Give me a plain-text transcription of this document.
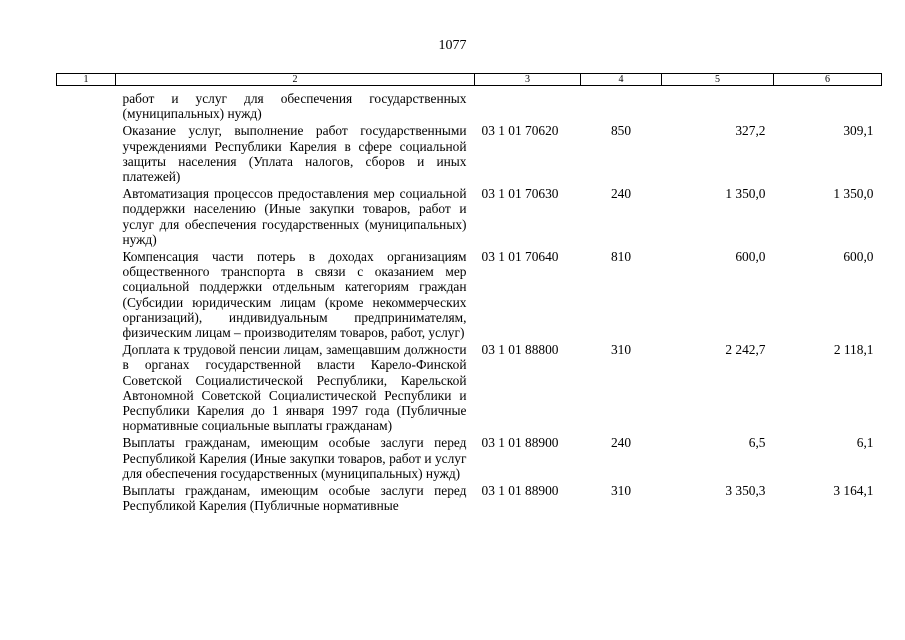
1077
1	2	3	4	5	6
	работ и услуг для обеспечения государственных (муниципальных) нужд)				
	Оказание услуг, выполнение работ государственными учреждениями Республики Карелия в сфере социальной защиты населения (Уплата налогов, сборов и иных платежей)	03 1 01 70620	850	327,2	309,1
	Автоматизация процессов предоставления мер социальной поддержки населению (Иные закупки товаров, работ и услуг для обеспечения государственных (муниципальных) нужд)	03 1 01 70630	240	1 350,0	1 350,0
	Компенсация части потерь в доходах организациям общественного транспорта в связи с оказанием мер социальной поддержки отдельным категориям граждан (Субсидии юридическим лицам (кроме некоммерческих организаций), индивидуальным предпринимателям, физическим лицам – производителям товаров, работ, услуг)	03 1 01 70640	810	600,0	600,0
	Доплата к трудовой пенсии лицам, замещавшим должности в органах государственной власти Карело-Финской Советской Социалистической Республики, Карельской Автономной Советской Социалистической Республики и Республики Карелия до 1 января 1997 года (Публичные нормативные социальные выплаты гражданам)	03 1 01 88800	310	2 242,7	2 118,1
	Выплаты гражданам, имеющим особые заслуги перед Республикой Карелия (Иные закупки товаров, работ и услуг для обеспечения государственных (муниципальных) нужд)	03 1 01 88900	240	6,5	6,1
	Выплаты гражданам, имеющим особые заслуги перед Республикой Карелия (Публичные нормативные	03 1 01 88900	310	3 350,3	3 164,1
